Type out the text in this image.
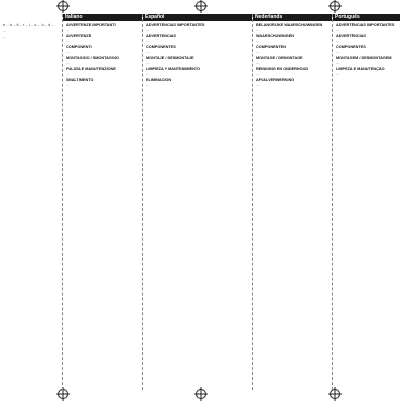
e ... 's ... ti ... r ... l ... o ... 'u ... d ...
...
...
Italiano
AVVERTENZE IMPORTANTI
...
AVVERTENZE
...
COMPONENTI
...
MONTAGGIO / SMONTAGGIO
...
PULIZIA E MANUTENZIONE
...
SMALTIMENTO
...
Español
ADVERTENCIAS IMPORTANTES
...
ADVERTENCIAS
...
COMPONENTES
...
MONTAJE / DESMONTAJE
...
LIMPIEZA Y MANTENIMIENTO
...
ELIMINACIÓN
...
Nederlands
BELANGRIJKE WAARSCHUWINGEN
...
WAARSCHUWINGEN
...
COMPONENTEN
...
MONTAGE / DEMONTAGE
...
REINIGING EN ONDERHOUD
...
AFVALVERWERKING
...
Português
ADVERTÊNCIAS IMPORTANTES
...
ADVERTÊNCIAS
...
COMPONENTES
...
MONTAGEM / DESMONTAGEM
...
LIMPEZA E MANUTENÇÃO
...
